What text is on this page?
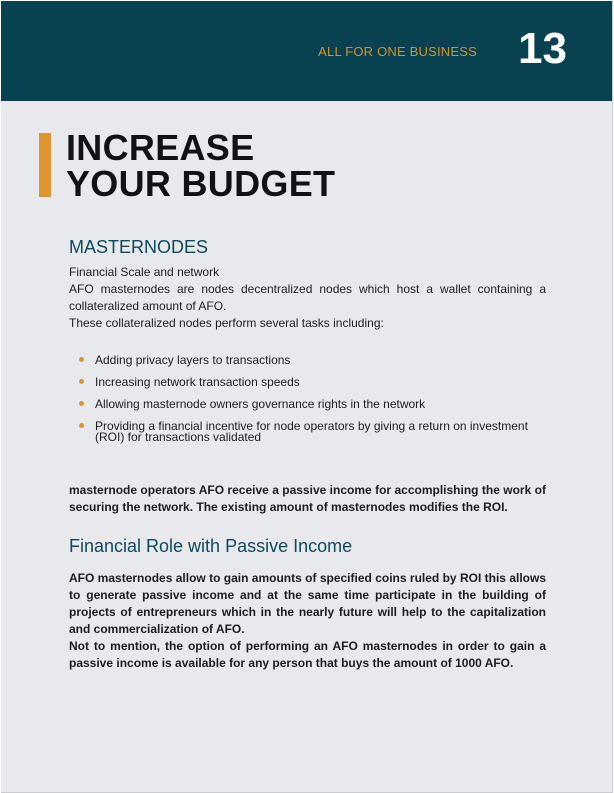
ALL FOR ONE BUSINESS 13
INCREASE
YOUR BUDGET
MASTERNODES

Financial Scale and network

AFO masternodes are nodes decentralized nodes which host a wallet containing a collateralized amount of AFO.

These collateralized nodes perform several tasks including:

Adding privacy layers to transactions
Increasing network transaction speeds
Allowing masternode owners governance rights in the network
Providing a financial incentive for node operators by giving a return on investment (ROI) for transactions validated

masternode operators AFO receive a passive income for accomplishing the work of securing the network. The existing amount of masternodes modifies the ROI.

Financial Role with Passive Income

AFO masternodes allow to gain amounts of specified coins ruled by ROI this allows to generate passive income and at the same time participate in the building of projects of entrepreneurs which in the nearly future will help to the capitalization and commercialization of AFO.

Not to mention, the option of performing an AFO masternodes in order to gain a passive income is available for any person that buys the amount of 1000 AFO.
